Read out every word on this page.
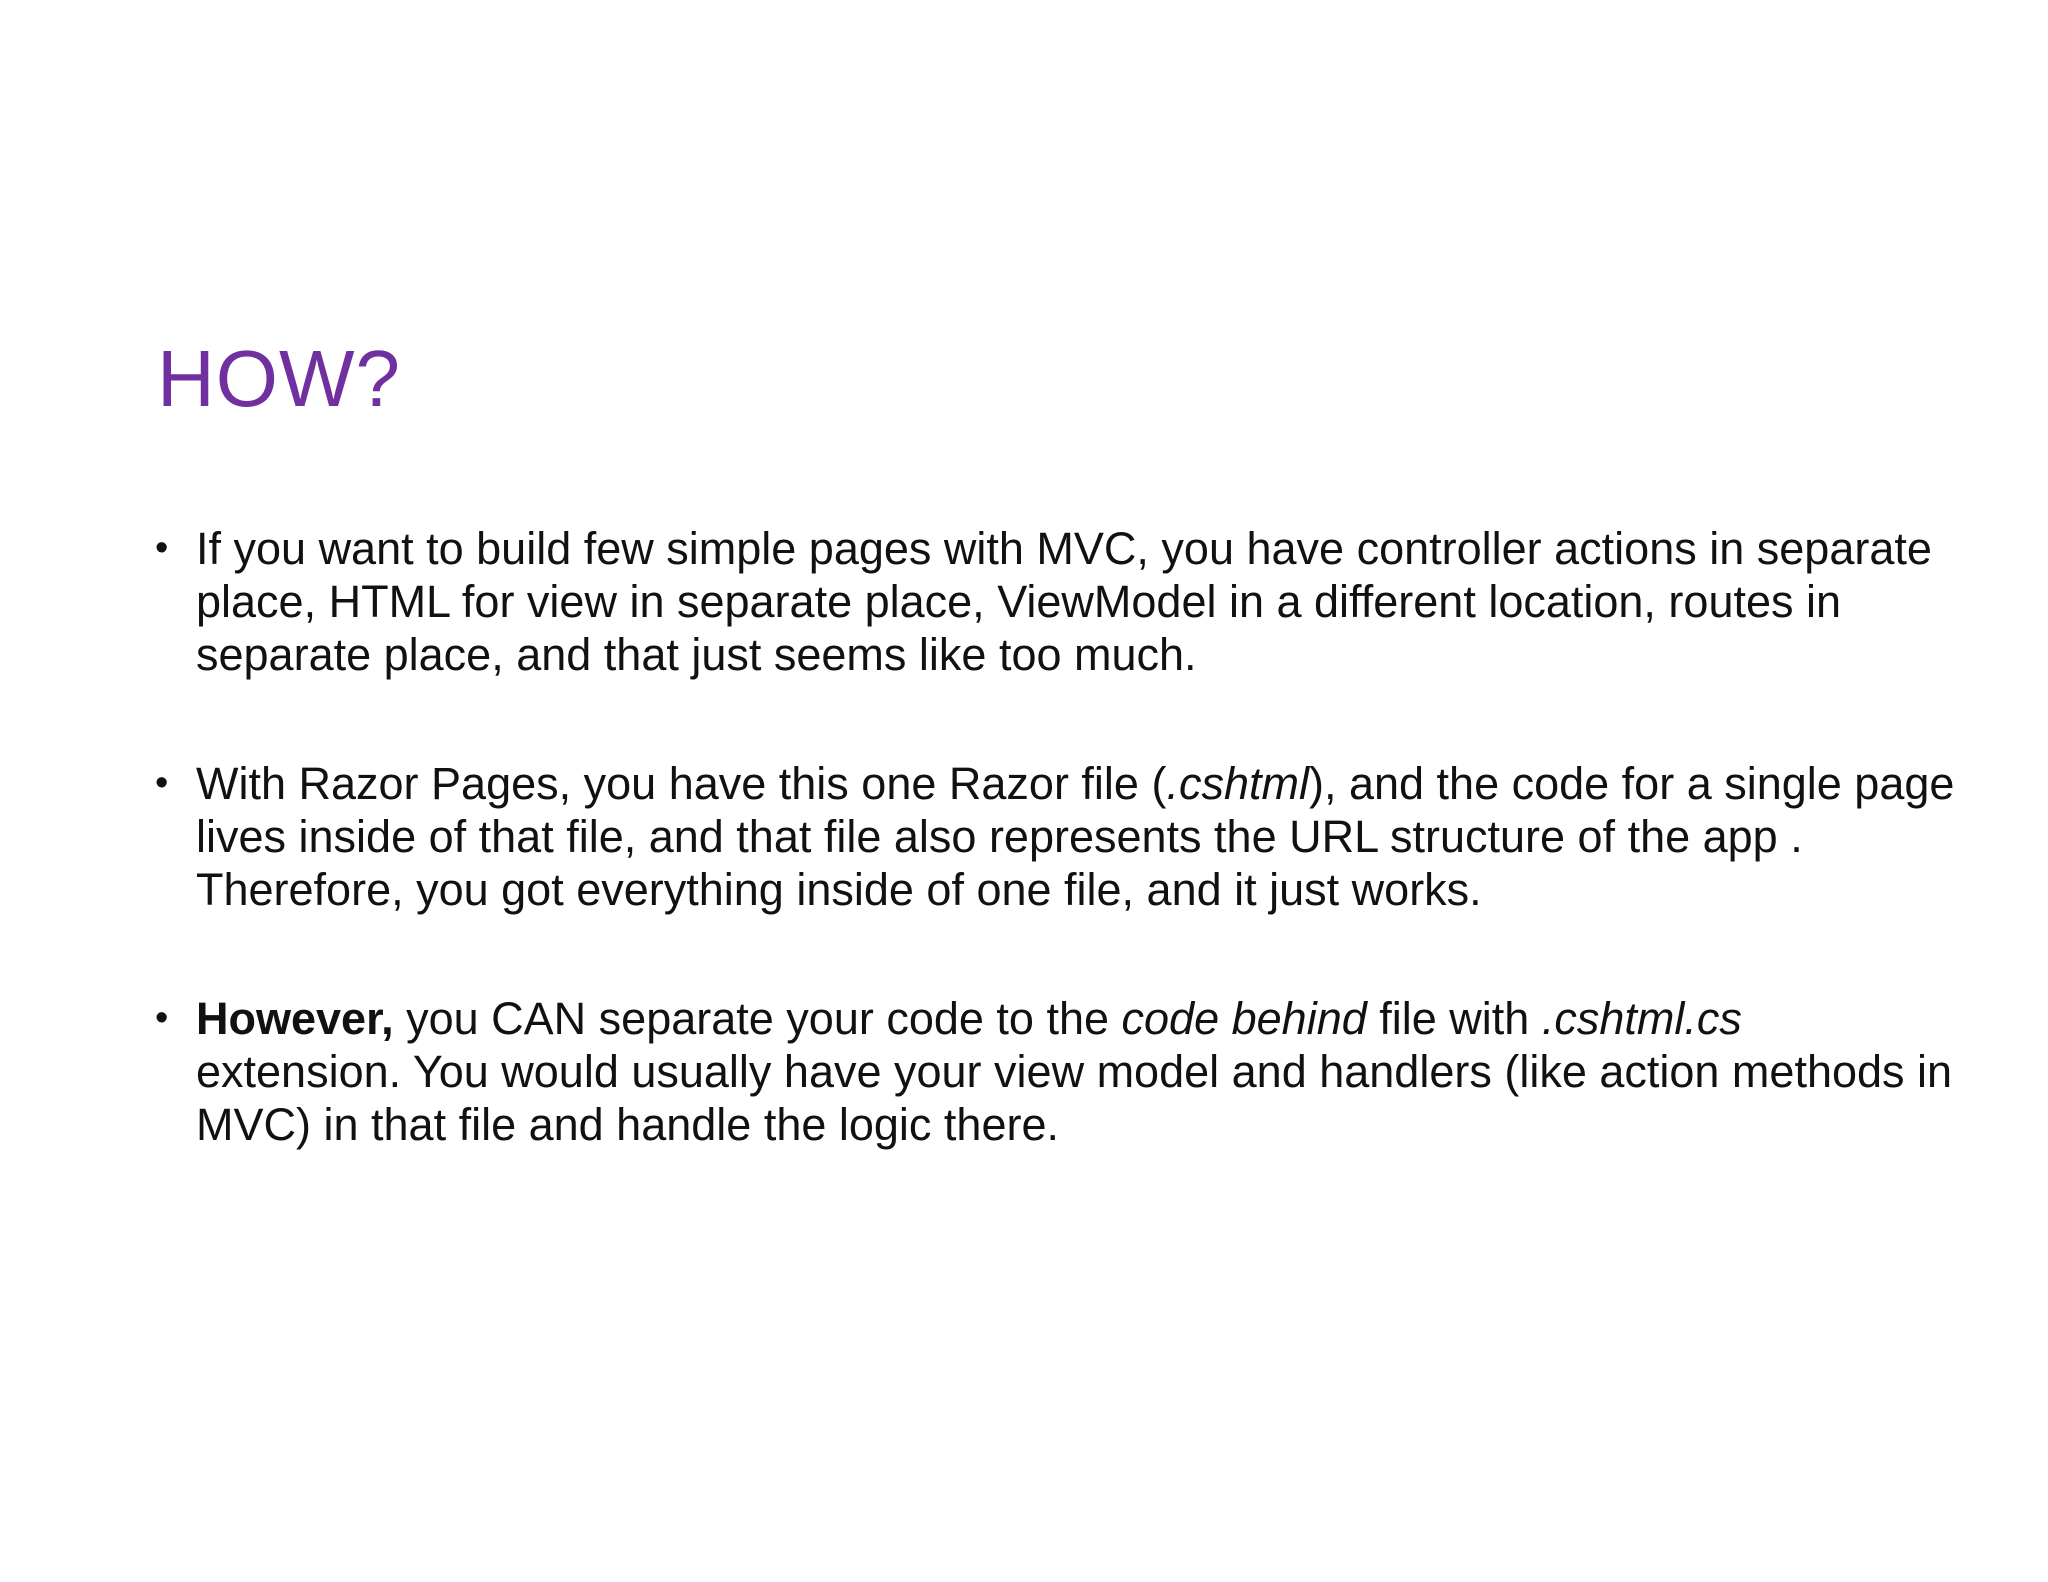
HOW?
• If you want to build few simple pages with MVC, you have controller actions in separate place, HTML for view in separate place, ViewModel in a different location, routes in separate place, and that just seems like too much.
• With Razor Pages, you have this one Razor file (.cshtml), and the code for a single page lives inside of that file, and that file also represents the URL structure of the app . Therefore, you got everything inside of one file, and it just works.
• However, you CAN separate your code to the code behind file with .cshtml.cs extension. You would usually have your view model and handlers (like action methods in MVC) in that file and handle the logic there.
